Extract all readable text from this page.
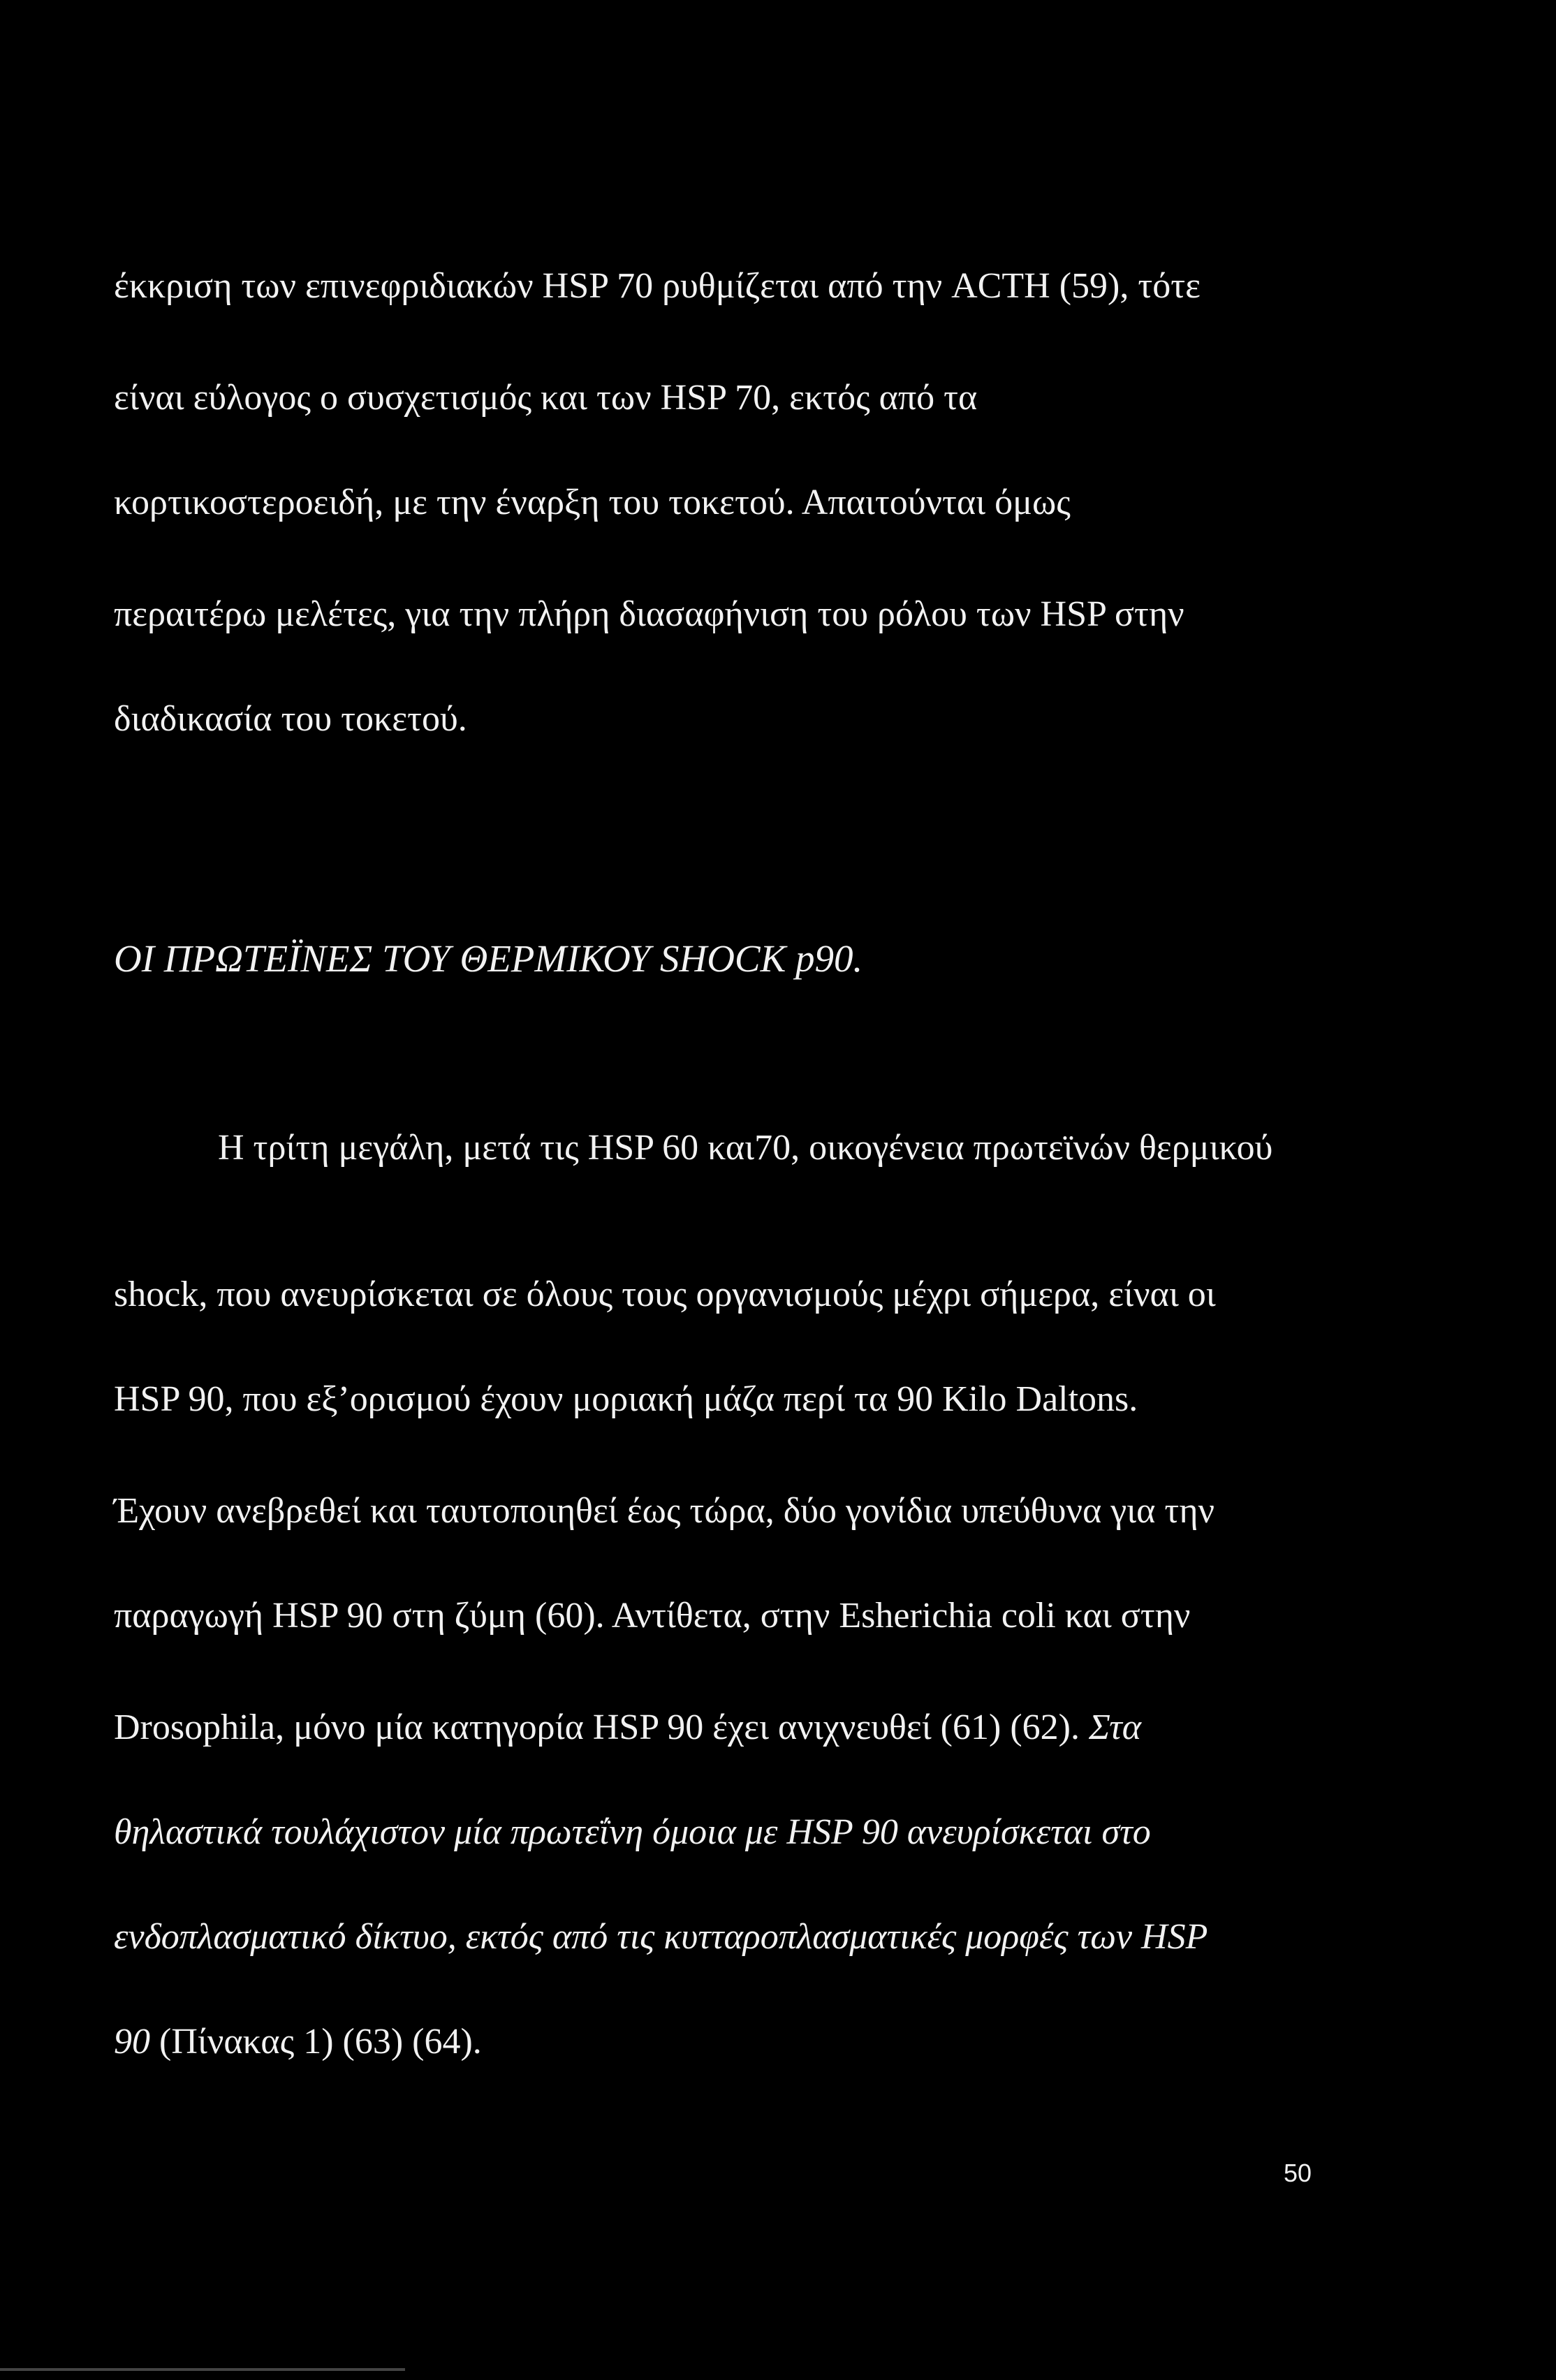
έκκριση των επινεφριδιακών HSP 70 ρυθμίζεται από την ACTH (59), τότε

είναι εύλογος ο συσχετισμός και των HSP 70, εκτός από τα

κορτικοστεροειδή, με την έναρξη του τοκετού. Απαιτούνται όμως

περαιτέρω μελέτες, για την πλήρη διασαφήνιση του ρόλου των HSP στην

διαδικασία του τοκετού.

ΟΙ ΠΡΩΤΕΪΝΕΣ ΤΟΥ ΘΕΡΜΙΚΟΥ SHOCK p90.

Η τρίτη μεγάλη, μετά τις HSP 60 και70, οικογένεια πρωτεϊνών θερμικού

shock, που ανευρίσκεται σε όλους τους οργανισμούς μέχρι σήμερα, είναι οι

HSP 90, που εξ’ορισμού έχουν μοριακή μάζα περί τα 90 Kilo Daltons.

Έχουν ανεβρεθεί και ταυτοποιηθεί έως τώρα, δύο γονίδια υπεύθυνα για την

παραγωγή HSP 90 στη ζύμη (60). Αντίθετα, στην Esherichia coli και στην

Drosophila, μόνο μία κατηγορία HSP 90 έχει ανιχνευθεί (61) (62). Στα

θηλαστικά τουλάχιστον μία πρωτεΐνη όμοια με HSP 90 ανευρίσκεται στο

ενδοπλασματικό δίκτυο, εκτός από τις κυτταροπλασματικές μορφές των HSP

90 (Πίνακας 1) (63) (64).

50
